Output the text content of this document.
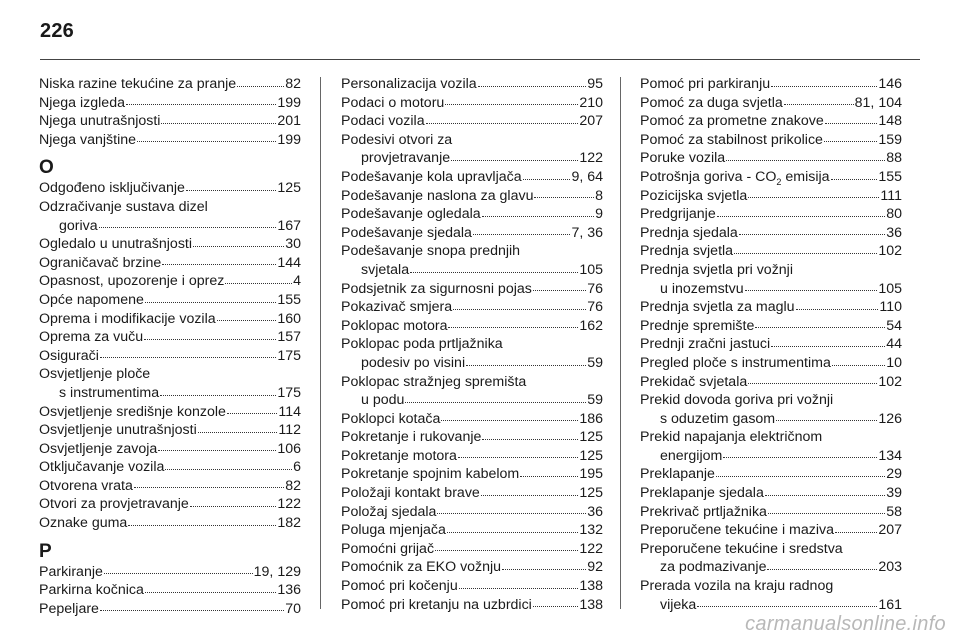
226
Niska razine tekućine za pranje	82
Njega izgleda	199
Njega unutrašnjosti	201
Njega vanjštine	199
O
Odgođeno isključivanje	125
Odzračivanje sustava dizel
goriva	167
Ogledalo u unutrašnjosti	30
Ograničavač brzine	144
Opasnost, upozorenje i oprez	4
Opće napomene	155
Oprema i modifikacije vozila	160
Oprema za vuču	157
Osigurači	175
Osvjetljenje ploče
s instrumentima	175
Osvjetljenje središnje konzole	114
Osvjetljenje unutrašnjosti	112
Osvjetljenje zavoja	106
Otključavanje vozila	6
Otvorena vrata	82
Otvori za provjetravanje	122
Oznake guma	182
P
Parkiranje	19, 129
Parkirna kočnica	136
Pepeljare	70
Personalizacija vozila	95
Podaci o motoru	210
Podaci vozila	207
Podesivi otvori za
provjetravanje	122
Podešavanje kola upravljača	9, 64
Podešavanje naslona za glavu	8
Podešavanje ogledala	9
Podešavanje sjedala	7, 36
Podešavanje snopa prednjih
svjetala	105
Podsjetnik za sigurnosni pojas	76
Pokazivač smjera	76
Poklopac motora	162
Poklopac poda prtljažnika
podesiv po visini	59
Poklopac stražnjeg spremišta
u podu	59
Poklopci kotača	186
Pokretanje i rukovanje	125
Pokretanje motora	125
Pokretanje spojnim kabelom	195
Položaji kontakt brave	125
Položaj sjedala	36
Poluga mjenjača	132
Pomoćni grijač	122
Pomoćnik za EKO vožnju	92
Pomoć pri kočenju	138
Pomoć pri kretanju na uzbrdici	138
Pomoć pri parkiranju	146
Pomoć za duga svjetla	81, 104
Pomoć za prometne znakove	148
Pomoć za stabilnost prikolice	159
Poruke vozila	88
Potrošnja goriva - $CO_2$ emisija	155
Pozicijska svjetla	111
Predgrijanje	80
Prednja sjedala	36
Prednja svjetla	102
Prednja svjetla pri vožnji
u inozemstvu	105
Prednja svjetla za maglu	110
Prednje spremište	54
Prednji zračni jastuci	44
Pregled ploče s instrumentima	10
Prekidač svjetala	102
Prekid dovoda goriva pri vožnji
s oduzetim gasom	126
Prekid napajanja električnom
energijom	134
Preklapanje	29
Preklapanje sjedala	39
Prekrivač prtljažnika	58
Preporučene tekućine i maziva	207
Preporučene tekućine i sredstva
za podmazivanje	203
Prerada vozila na kraju radnog
vijeka	161
carmanualsonline.info
